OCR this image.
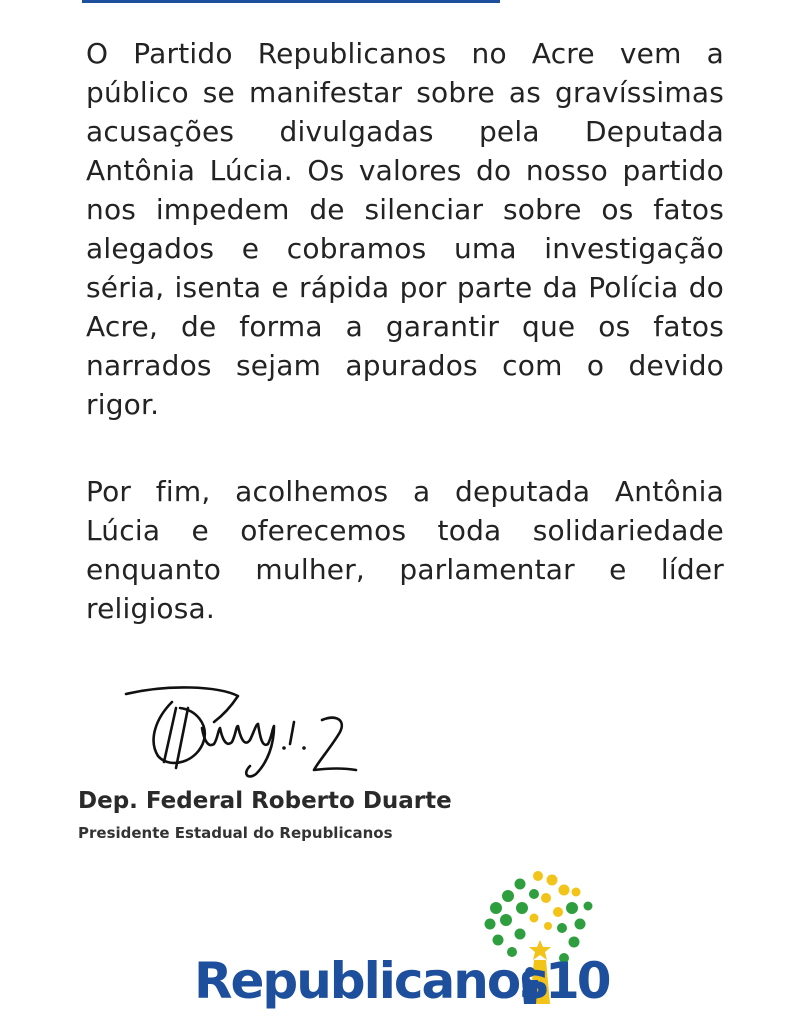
O Partido Republicanos no Acre vem a público se manifestar sobre as gravíssimas acusações divulgadas pela Deputada Antônia Lúcia. Os valores do nosso partido nos impedem de silenciar sobre os fatos alegados e cobramos uma investigação séria, isenta e rápida por parte da Polícia do Acre, de forma a garantir que os fatos narrados sejam apurados com o devido rigor.

Por fim, acolhemos a deputada Antônia Lúcia e oferecemos toda solidariedade enquanto mulher, parlamentar e líder religiosa.

Dep. Federal Roberto Duarte
Presidente Estadual do Republicanos
Republicanos
10
